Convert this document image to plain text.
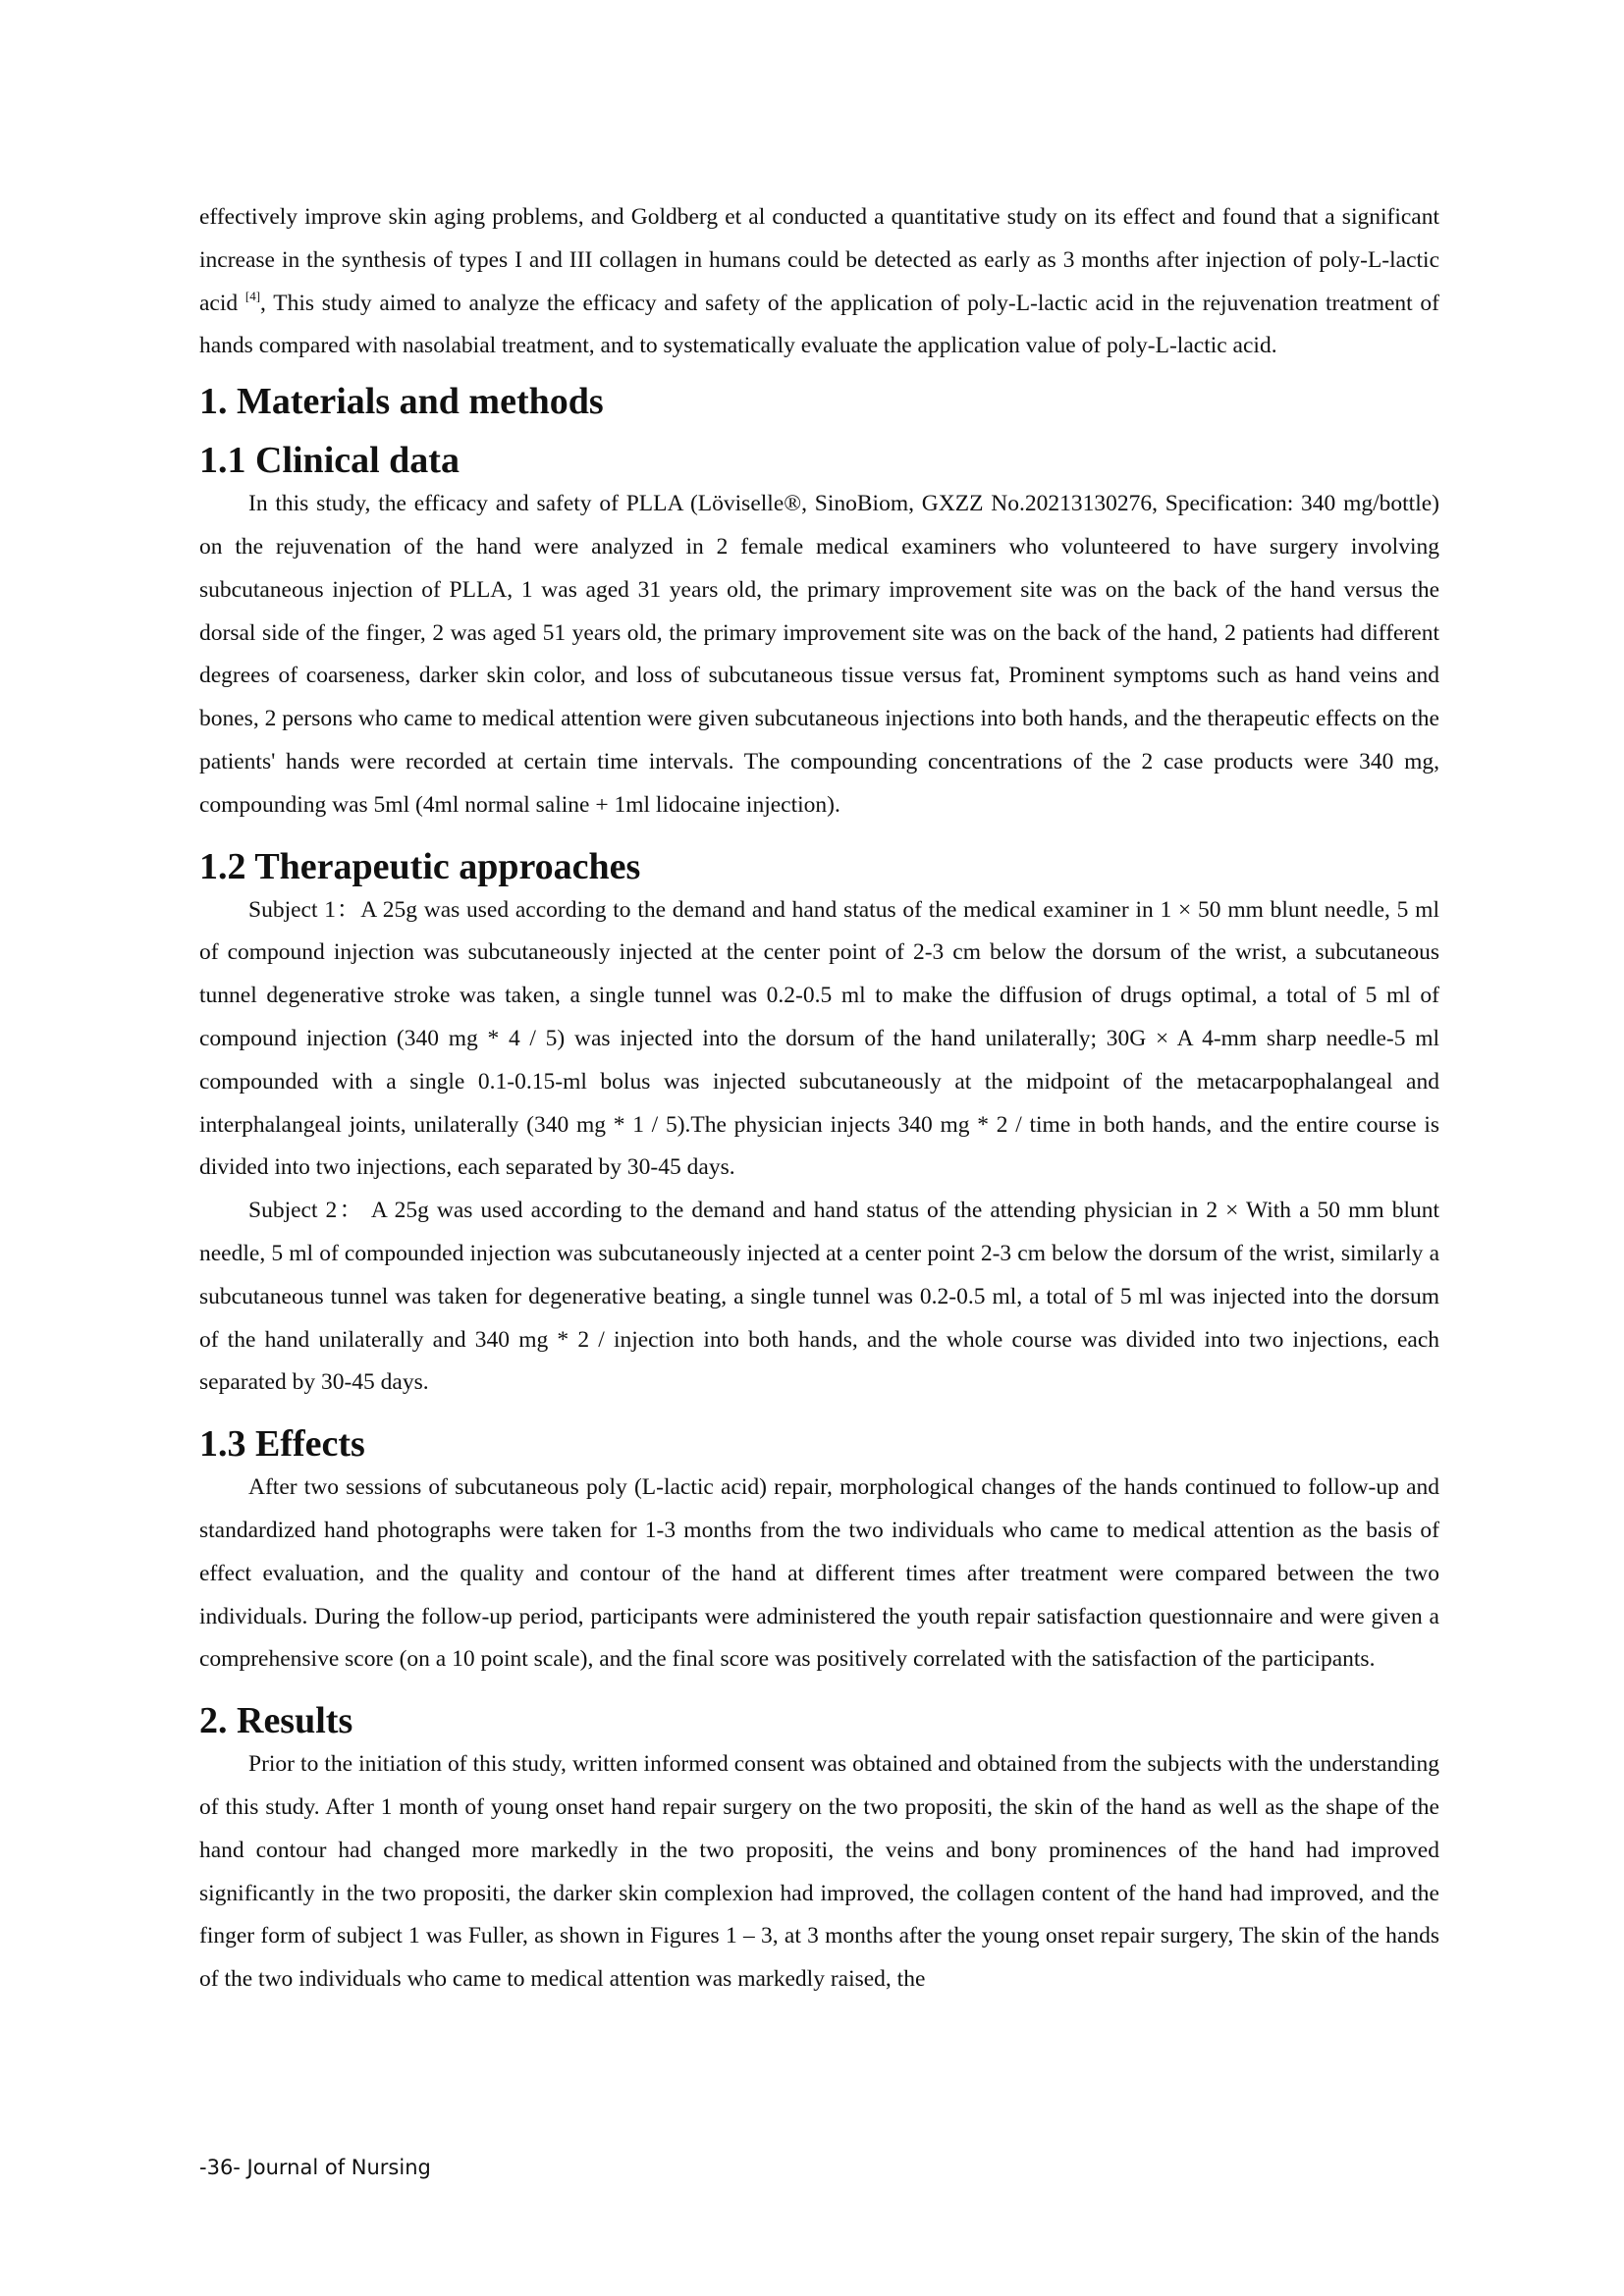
effectively improve skin aging problems, and Goldberg et al conducted a quantitative study on its effect and found that a significant increase in the synthesis of types I and III collagen in humans could be detected as early as 3 months after injection of poly-L-lactic acid [4], This study aimed to analyze the efficacy and safety of the application of poly-L-lactic acid in the rejuvenation treatment of hands compared with nasolabial treatment, and to systematically evaluate the application value of poly-L-lactic acid.

1. Materials and methods
1.1 Clinical data

In this study, the efficacy and safety of PLLA (Löviselle®, SinoBiom, GXZZ No.20213130276, Specification: 340 mg/bottle) on the rejuvenation of the hand were analyzed in 2 female medical examiners who volunteered to have surgery involving subcutaneous injection of PLLA, 1 was aged 31 years old, the primary improvement site was on the back of the hand versus the dorsal side of the finger, 2 was aged 51 years old, the primary improvement site was on the back of the hand, 2 patients had different degrees of coarseness, darker skin color, and loss of subcutaneous tissue versus fat, Prominent symptoms such as hand veins and bones, 2 persons who came to medical attention were given subcutaneous injections into both hands, and the therapeutic effects on the patients' hands were recorded at certain time intervals. The compounding concentrations of the 2 case products were 340 mg, compounding was 5ml (4ml normal saline + 1ml lidocaine injection).

1.2 Therapeutic approaches

Subject 1：A 25g was used according to the demand and hand status of the medical examiner in 1 × 50 mm blunt needle, 5 ml of compound injection was subcutaneously injected at the center point of 2-3 cm below the dorsum of the wrist, a subcutaneous tunnel degenerative stroke was taken, a single tunnel was 0.2-0.5 ml to make the diffusion of drugs optimal, a total of 5 ml of compound injection (340 mg * 4 / 5) was injected into the dorsum of the hand unilaterally; 30G × A 4-mm sharp needle-5 ml compounded with a single 0.1-0.15-ml bolus was injected subcutaneously at the midpoint of the metacarpophalangeal and interphalangeal joints, unilaterally (340 mg * 1 / 5).The physician injects 340 mg * 2 / time in both hands, and the entire course is divided into two injections, each separated by 30-45 days.

Subject 2： A 25g was used according to the demand and hand status of the attending physician in 2 × With a 50 mm blunt needle, 5 ml of compounded injection was subcutaneously injected at a center point 2-3 cm below the dorsum of the wrist, similarly a subcutaneous tunnel was taken for degenerative beating, a single tunnel was 0.2-0.5 ml, a total of 5 ml was injected into the dorsum of the hand unilaterally and 340 mg * 2 / injection into both hands, and the whole course was divided into two injections, each separated by 30-45 days.

1.3 Effects

After two sessions of subcutaneous poly (L-lactic acid) repair, morphological changes of the hands continued to follow-up and standardized hand photographs were taken for 1-3 months from the two individuals who came to medical attention as the basis of effect evaluation, and the quality and contour of the hand at different times after treatment were compared between the two individuals. During the follow-up period, participants were administered the youth repair satisfaction questionnaire and were given a comprehensive score (on a 10 point scale), and the final score was positively correlated with the satisfaction of the participants.

2. Results

Prior to the initiation of this study, written informed consent was obtained and obtained from the subjects with the understanding of this study. After 1 month of young onset hand repair surgery on the two propositi, the skin of the hand as well as the shape of the hand contour had changed more markedly in the two propositi, the veins and bony prominences of the hand had improved significantly in the two propositi, the darker skin complexion had improved, the collagen content of the hand had improved, and the finger form of subject 1 was Fuller, as shown in Figures 1 – 3, at 3 months after the young onset repair surgery, The skin of the hands of the two individuals who came to medical attention was markedly raised, the

-36- Journal of Nursing
